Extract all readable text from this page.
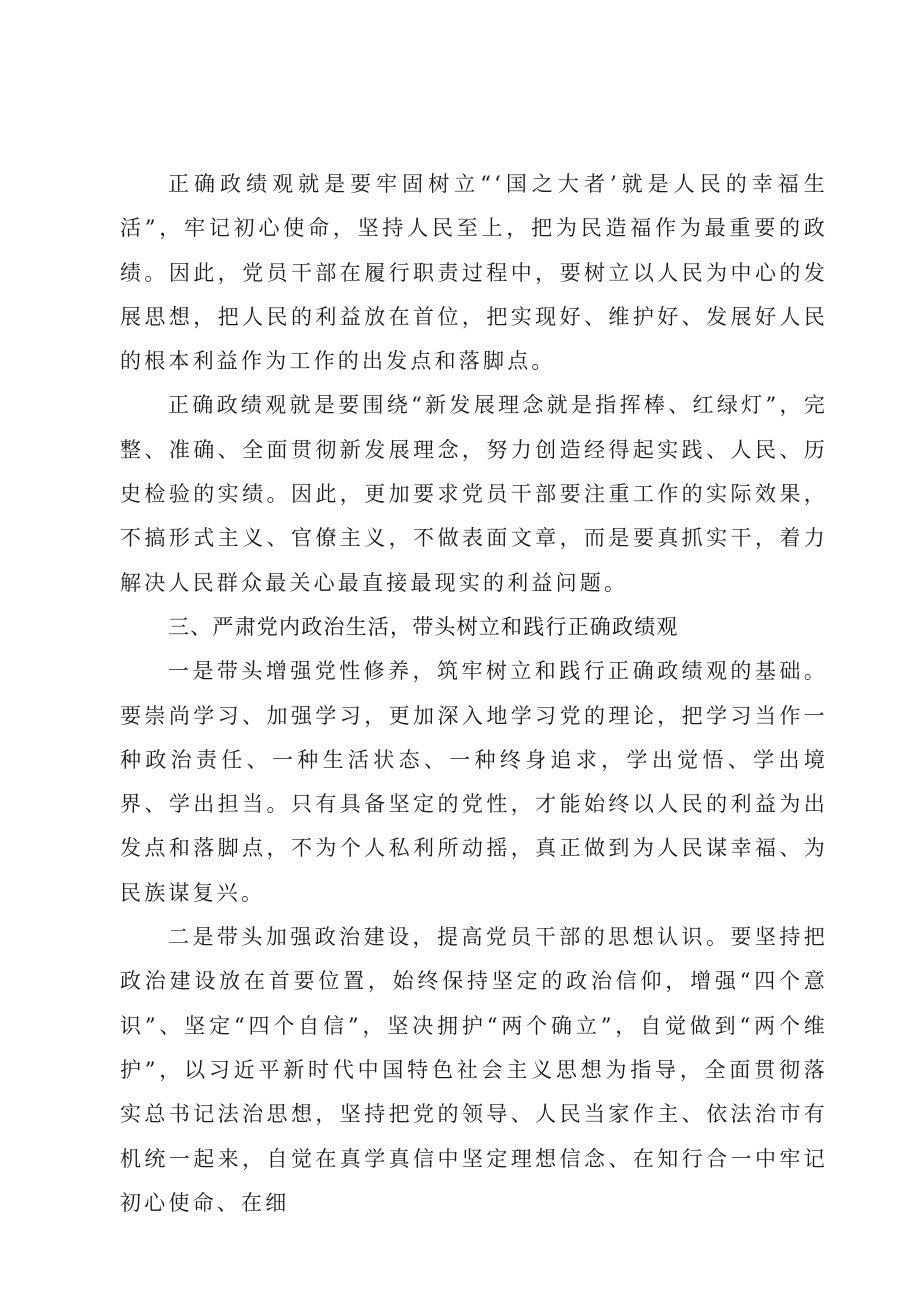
正确政绩观就是要牢固树立“‘国之大者’就是人民的幸福生活”，牢记初心使命，坚持人民至上，把为民造福作为最重要的政绩。因此，党员干部在履行职责过程中，要树立以人民为中心的发展思想，把人民的利益放在首位，把实现好、维护好、发展好人民的根本利益作为工作的出发点和落脚点。

正确政绩观就是要围绕“新发展理念就是指挥棒、红绿灯”，完整、准确、全面贯彻新发展理念，努力创造经得起实践、人民、历史检验的实绩。因此，更加要求党员干部要注重工作的实际效果，不搞形式主义、官僚主义，不做表面文章，而是要真抓实干，着力解决人民群众最关心最直接最现实的利益问题。

三、严肃党内政治生活，带头树立和践行正确政绩观

一是带头增强党性修养，筑牢树立和践行正确政绩观的基础。要崇尚学习、加强学习，更加深入地学习党的理论，把学习当作一种政治责任、一种生活状态、一种终身追求，学出觉悟、学出境界、学出担当。只有具备坚定的党性，才能始终以人民的利益为出发点和落脚点，不为个人私利所动摇，真正做到为人民谋幸福、为民族谋复兴。

二是带头加强政治建设，提高党员干部的思想认识。要坚持把政治建设放在首要位置，始终保持坚定的政治信仰，增强“四个意识”、坚定“四个自信”，坚决拥护“两个确立”，自觉做到“两个维护”，以习近平新时代中国特色社会主义思想为指导，全面贯彻落实总书记法治思想，坚持把党的领导、人民当家作主、依法治市有机统一起来，自觉在真学真信中坚定理想信念、在知行合一中牢记初心使命、在细
